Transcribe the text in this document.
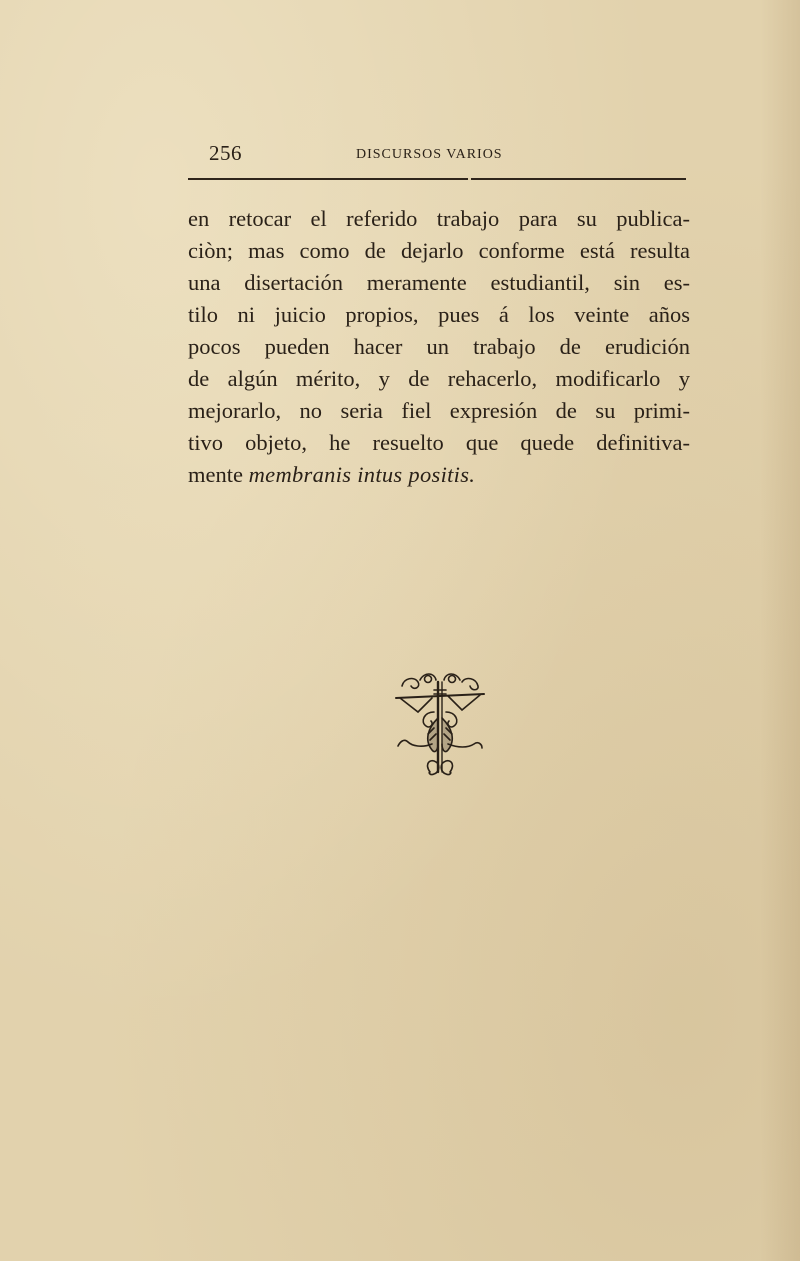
256	DISCURSOS VARIOS
en retocar el referido trabajo para su publica-
ciòn; mas como de dejarlo conforme está resulta
una disertación meramente estudiantil, sin es-
tilo ni juicio propios, pues á los veinte años
pocos pueden hacer un trabajo de erudición
de algún mérito, y de rehacerlo, modificarlo y
mejorarlo, no seria fiel expresión de su primi-
tivo objeto, he resuelto que quede definitiva-
mente membranis intus positis.
